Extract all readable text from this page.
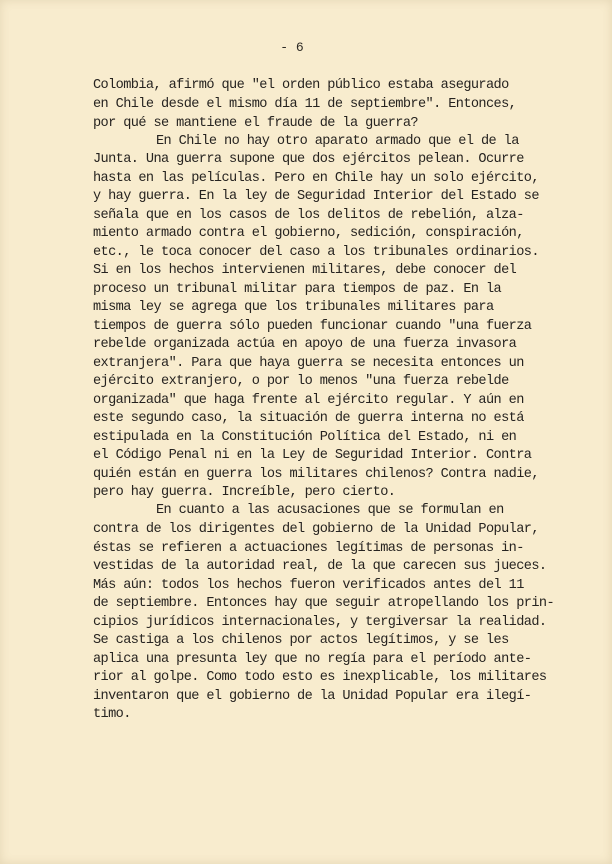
- 6

Colombia, afirmó que "el orden público estaba asegurado

en Chile desde el mismo día 11 de septiembre". Entonces,

por qué se mantiene el fraude de la guerra?

En Chile no hay otro aparato armado que el de la

Junta. Una guerra supone que dos ejércitos pelean. Ocurre

hasta en las películas. Pero en Chile hay un solo ejército,

y hay guerra. En la ley de Seguridad Interior del Estado se

señala que en los casos de los delitos de rebelión, alza-

miento armado contra el gobierno, sedición, conspiración,

etc., le toca conocer del caso a los tribunales ordinarios.

Si en los hechos intervienen militares, debe conocer del

proceso un tribunal militar para tiempos de paz. En la

misma ley se agrega que los tribunales militares para

tiempos de guerra sólo pueden funcionar cuando "una fuerza

rebelde organizada actúa en apoyo de una fuerza invasora

extranjera". Para que haya guerra se necesita entonces un

ejército extranjero, o por lo menos "una fuerza rebelde

organizada" que haga frente al ejército regular. Y aún en

este segundo caso, la situación de guerra interna no está

estipulada en la Constitución Política del Estado, ni en

el Código Penal ni en la Ley de Seguridad Interior. Contra

quién están en guerra los militares chilenos? Contra nadie,

pero hay guerra. Increíble, pero cierto.

En cuanto a las acusaciones que se formulan en

contra de los dirigentes del gobierno de la Unidad Popular,

éstas se refieren a actuaciones legítimas de personas in-

vestidas de la autoridad real, de la que carecen sus jueces.

Más aún: todos los hechos fueron verificados antes del 11

de septiembre. Entonces hay que seguir atropellando los prin-

cipios jurídicos internacionales, y tergiversar la realidad.

Se castiga a los chilenos por actos legítimos, y se les

aplica una presunta ley que no regía para el período ante-

rior al golpe. Como todo esto es inexplicable, los militares

inventaron que el gobierno de la Unidad Popular era ilegí-

timo.
